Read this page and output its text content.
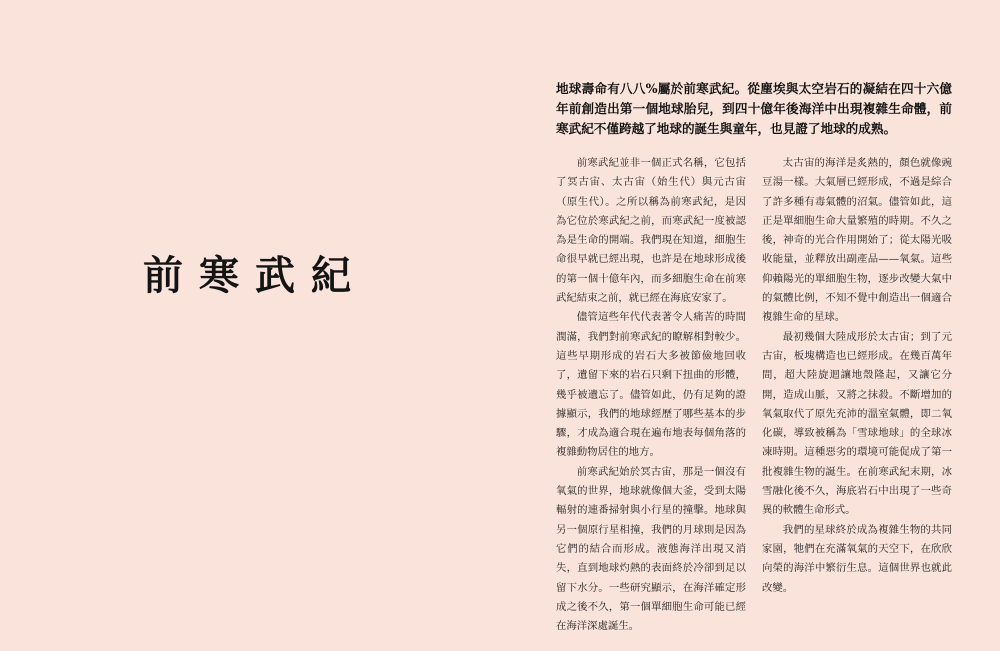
前寒武紀
地球壽命有八八%屬於前寒武紀。從塵埃與太空岩石的凝結在四十六億年前創造出第一個地球胎兒，到四十億年後海洋中出現複雜生命體，前寒武紀不僅跨越了地球的誕生與童年，也見證了地球的成熟。

前寒武紀並非一個正式名稱，它包括了冥古宙、太古宙（始生代）與元古宙（原生代）。之所以稱為前寒武紀，是因為它位於寒武紀之前，而寒武紀一度被認為是生命的開端。我們現在知道，細胞生命很早就已經出現，也許是在地球形成後的第一個十億年內，而多細胞生命在前寒武紀結束之前，就已經在海底安家了。

儘管這些年代代表著令人痛苦的時間潤滿，我們對前寒武紀的瞭解相對較少。這些早期形成的岩石大多被節儉地回收了，遺留下來的岩石只剩下扭曲的形體，幾乎被遺忘了。儘管如此，仍有足夠的證據顯示，我們的地球經歷了哪些基本的步驟，才成為適合現在遍布地表每個角落的複雜動物居住的地方。

前寒武紀始於冥古宙，那是一個沒有氧氣的世界，地球就像個大釜，受到太陽輻射的連番掃射與小行星的撞擊。地球與另一個原行星相撞，我們的月球則是因為它們的結合而形成。液態海洋出現又消失，直到地球灼熱的表面終於冷卻到足以留下水分。一些研究顯示，在海洋確定形成之後不久，第一個單細胞生命可能已經在海洋深處誕生。

太古宙的海洋是炙熱的，顏色就像豌豆湯一樣。大氣層已經形成，不過是綜合了許多種有毒氣體的沼氣。儘管如此，這正是單細胞生命大量繁殖的時期。不久之後，神奇的光合作用開始了；從太陽光吸收能量，並釋放出副產品——氧氣。這些仰賴陽光的單細胞生物，逐步改變大氣中的氣體比例，不知不覺中創造出一個適合複雜生命的星球。

最初幾個大陸成形於太古宙；到了元古宙，板塊構造也已經形成。在幾百萬年間，超大陸旋迴讓地殼隆起，又讓它分開，造成山脈，又將之抹殺。不斷增加的氧氣取代了原先充沛的溫室氣體，即二氧化碳，導致被稱為「雪球地球」的全球冰凍時期。這種惡劣的環境可能促成了第一批複雜生物的誕生。在前寒武紀末期，冰雪融化後不久，海底岩石中出現了一些奇異的軟體生命形式。

我們的星球終於成為複雜生物的共同家園，牠們在充滿氧氣的天空下，在欣欣向榮的海洋中繁衍生息。這個世界也就此改變。
